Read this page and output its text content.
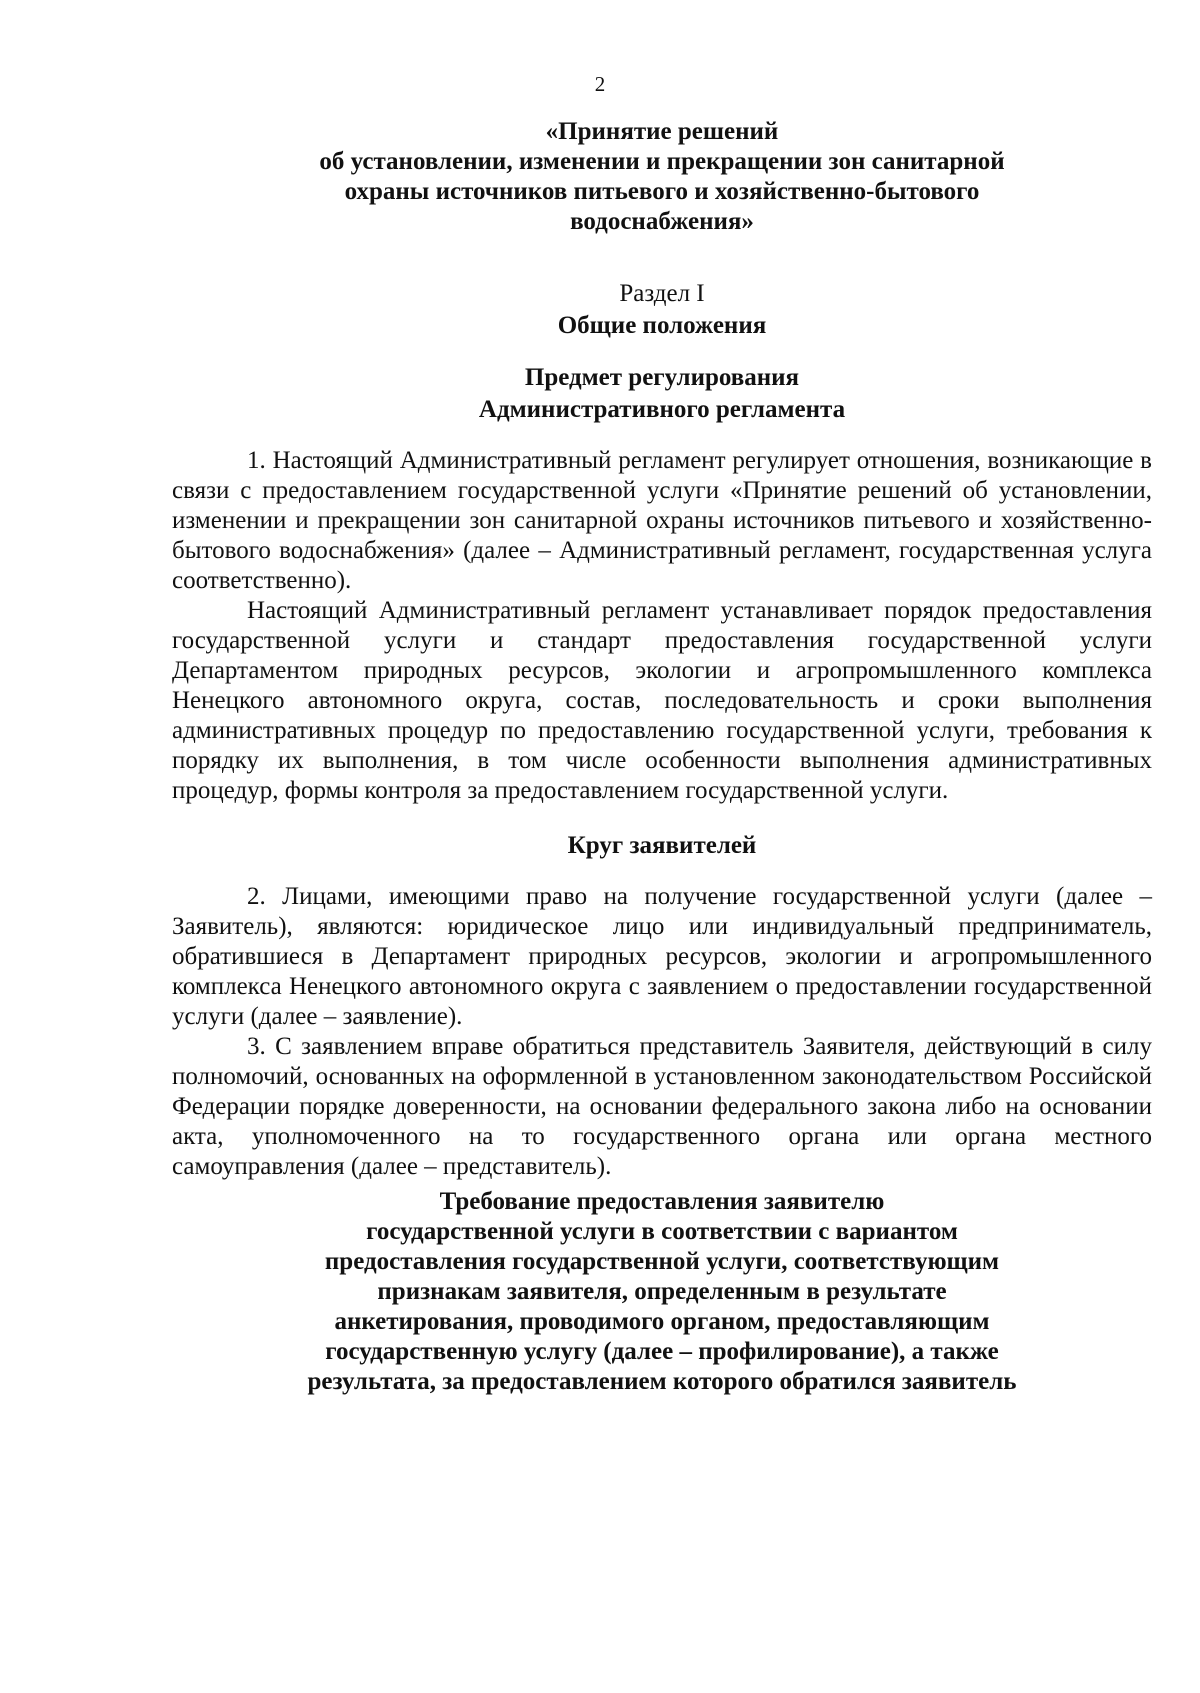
2

«Принятие решений

об установлении, изменении и прекращении зон санитарной

охраны источников питьевого и хозяйственно-бытового

водоснабжения»

Раздел I

Общие положения

Предмет регулирования

Административного регламента

1. Настоящий Административный регламент регулирует отношения, возникающие в связи с предоставлением государственной услуги «Принятие решений об установлении, изменении и прекращении зон санитарной охраны источников питьевого и хозяйственно-бытового водоснабжения» (далее – Административный регламент, государственная услуга соответственно).

Настоящий Административный регламент устанавливает порядок предоставления государственной услуги и стандарт предоставления государственной услуги Департаментом природных ресурсов, экологии и агропромышленного комплекса Ненецкого автономного округа, состав, последовательность и сроки выполнения административных процедур по предоставлению государственной услуги, требования к порядку их выполнения, в том числе особенности выполнения административных процедур, формы контроля за предоставлением государственной услуги.

Круг заявителей

2. Лицами, имеющими право на получение государственной услуги (далее – Заявитель), являются: юридическое лицо или индивидуальный предприниматель, обратившиеся в Департамент природных ресурсов, экологии и агропромышленного комплекса Ненецкого автономного округа с заявлением о предоставлении государственной услуги (далее – заявление).

3. С заявлением вправе обратиться представитель Заявителя, действующий в силу полномочий, основанных на оформленной в установленном законодательством Российской Федерации порядке доверенности, на основании федерального закона либо на основании акта, уполномоченного на то государственного органа или органа местного самоуправления (далее – представитель).

Требование предоставления заявителю

государственной услуги в соответствии с вариантом

предоставления государственной услуги, соответствующим

признакам заявителя, определенным в результате

анкетирования, проводимого органом, предоставляющим

государственную услугу (далее – профилирование), а также

результата, за предоставлением которого обратился заявитель
